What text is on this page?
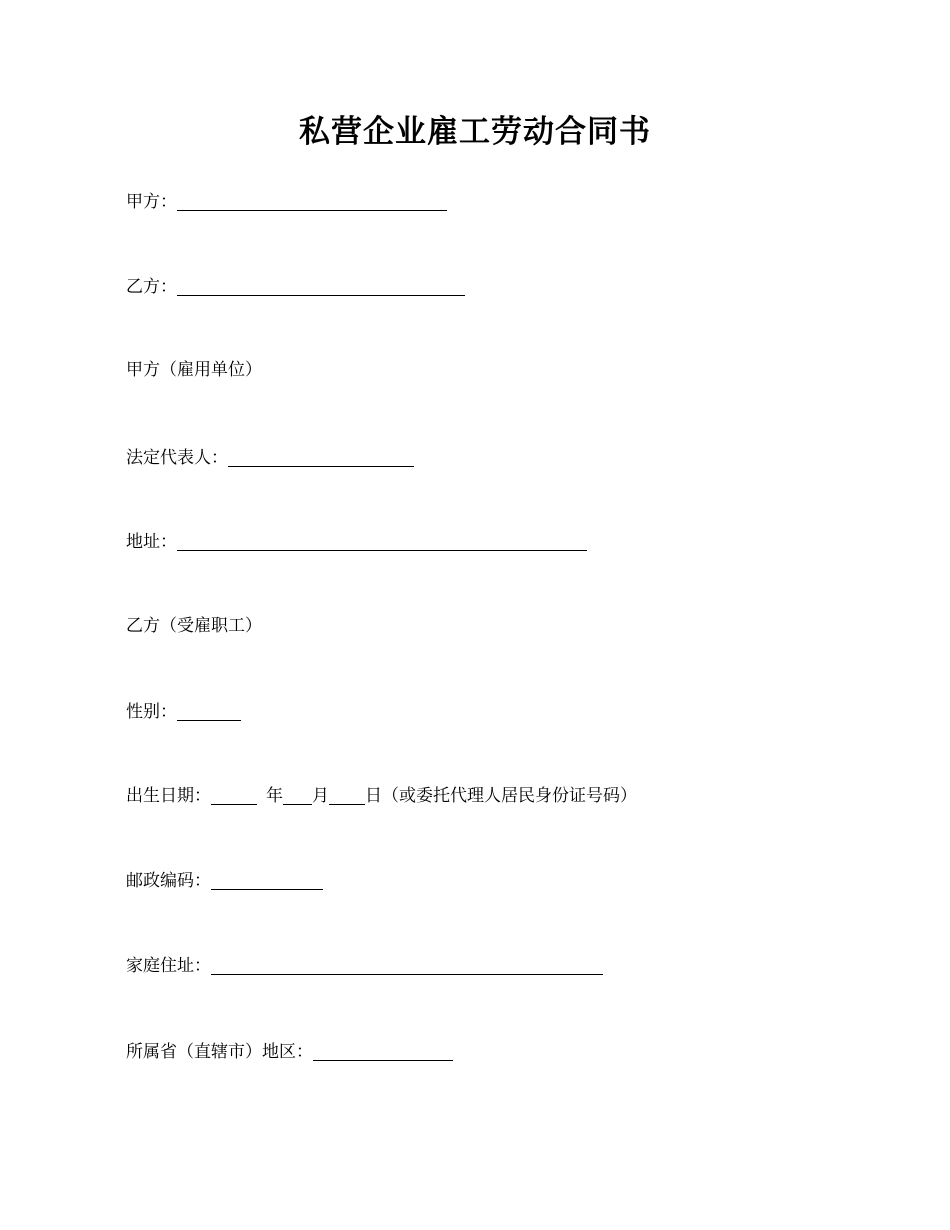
私营企业雇工劳动合同书
甲方：
乙方：
甲方（雇用单位）
法定代表人：
地址：
乙方（受雇职工）
性别：
出生日期：	年 月 日 （或委托代理人居民身份证号码）
邮政编码：
家庭住址：
所属省（直辖市）地区：
